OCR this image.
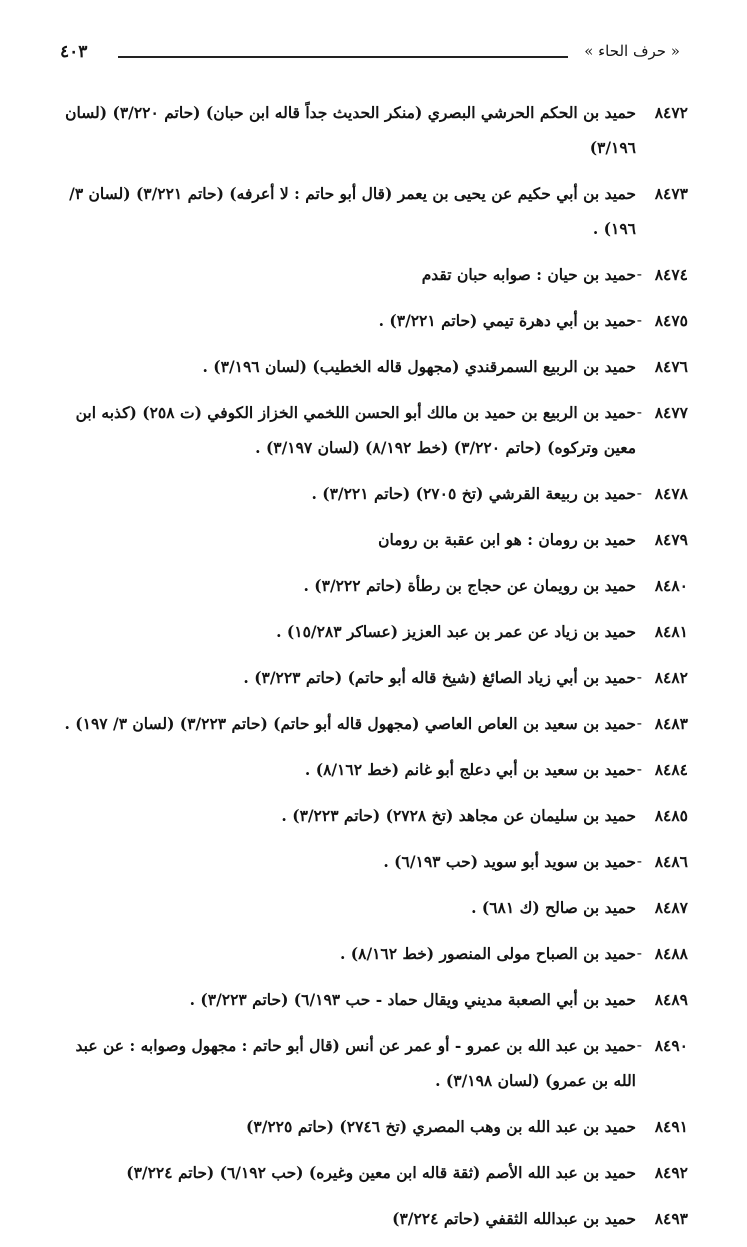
٤٠٣	« حرف الحاء »
٨٤٧٢
حميد بن الحكم الحرشي البصري (منكر الحديث جداً قاله ابن حبان) (حاتم ٣/٢٢٠) (لسان ٣/١٩٦)
٨٤٧٣
حميد بن أبي حكيم عن يحيى بن يعمر (قال أبو حاتم : لا أعرفه) (حاتم ٣/٢٢١) (لسان ٣/ ١٩٦) .
٨٤٧٤
-
حميد بن حيان : صوابه حبان تقدم
٨٤٧٥
-
حميد بن أبي دهرة تيمي (حاتم ٣/٢٢١) .
٨٤٧٦
حميد بن الربيع السمرقندي (مجهول قاله الخطيب) (لسان ٣/١٩٦) .
٨٤٧٧
-
حميد بن الربيع بن حميد بن مالك أبو الحسن اللخمي الخزاز الكوفي (ت ٢٥٨) (كذبه ابن معين وتركوه) (حاتم ٣/٢٢٠) (خط ٨/١٩٢) (لسان ٣/١٩٧) .
٨٤٧٨
-
حميد بن ربيعة القرشي (تخ ٢٧٠٥) (حاتم ٣/٢٢١) .
٨٤٧٩
حميد بن رومان : هو ابن عقبة بن رومان
٨٤٨٠
حميد بن رويمان عن حجاج بن رطأة (حاتم ٣/٢٢٢) .
٨٤٨١
حميد بن زياد عن عمر بن عبد العزيز (عساكر ١٥/٢٨٣) .
٨٤٨٢
-
حميد بن أبي زياد الصائغ (شيخ قاله أبو حاتم) (حاتم ٣/٢٢٣) .
٨٤٨٣
-
حميد بن سعيد بن العاص العاصي (مجهول قاله أبو حاتم) (حاتم ٣/٢٢٣) (لسان ٣/ ١٩٧) .
٨٤٨٤
-
حميد بن سعيد بن أبي دعلج أبو غانم (خط ٨/١٦٢) .
٨٤٨٥
حميد بن سليمان عن مجاهد (تخ ٢٧٢٨) (حاتم ٣/٢٢٣) .
٨٤٨٦
-
حميد بن سويد أبو سويد (حب ٦/١٩٣) .
٨٤٨٧
حميد بن صالح (ك ٦٨١) .
٨٤٨٨
-
حميد بن الصباح مولى المنصور (خط ٨/١٦٢) .
٨٤٨٩
حميد بن أبي الصعبة مديني ويقال حماد - حب ٦/١٩٣) (حاتم ٣/٢٢٣) .
٨٤٩٠
-
حميد بن عبد الله بن عمرو - أو عمر عن أنس (قال أبو حاتم : مجهول وصوابه : عن عبد الله بن عمرو) (لسان ٣/١٩٨) .
٨٤٩١
حميد بن عبد الله بن وهب المصري (تخ ٢٧٤٦) (حاتم ٣/٢٢٥)
٨٤٩٢
حميد بن عبد الله الأصم (ثقة قاله ابن معين وغيره) (حب ٦/١٩٢) (حاتم ٣/٢٢٤)
٨٤٩٣
حميد بن عبدالله الثقفي (حاتم ٣/٢٢٤)
